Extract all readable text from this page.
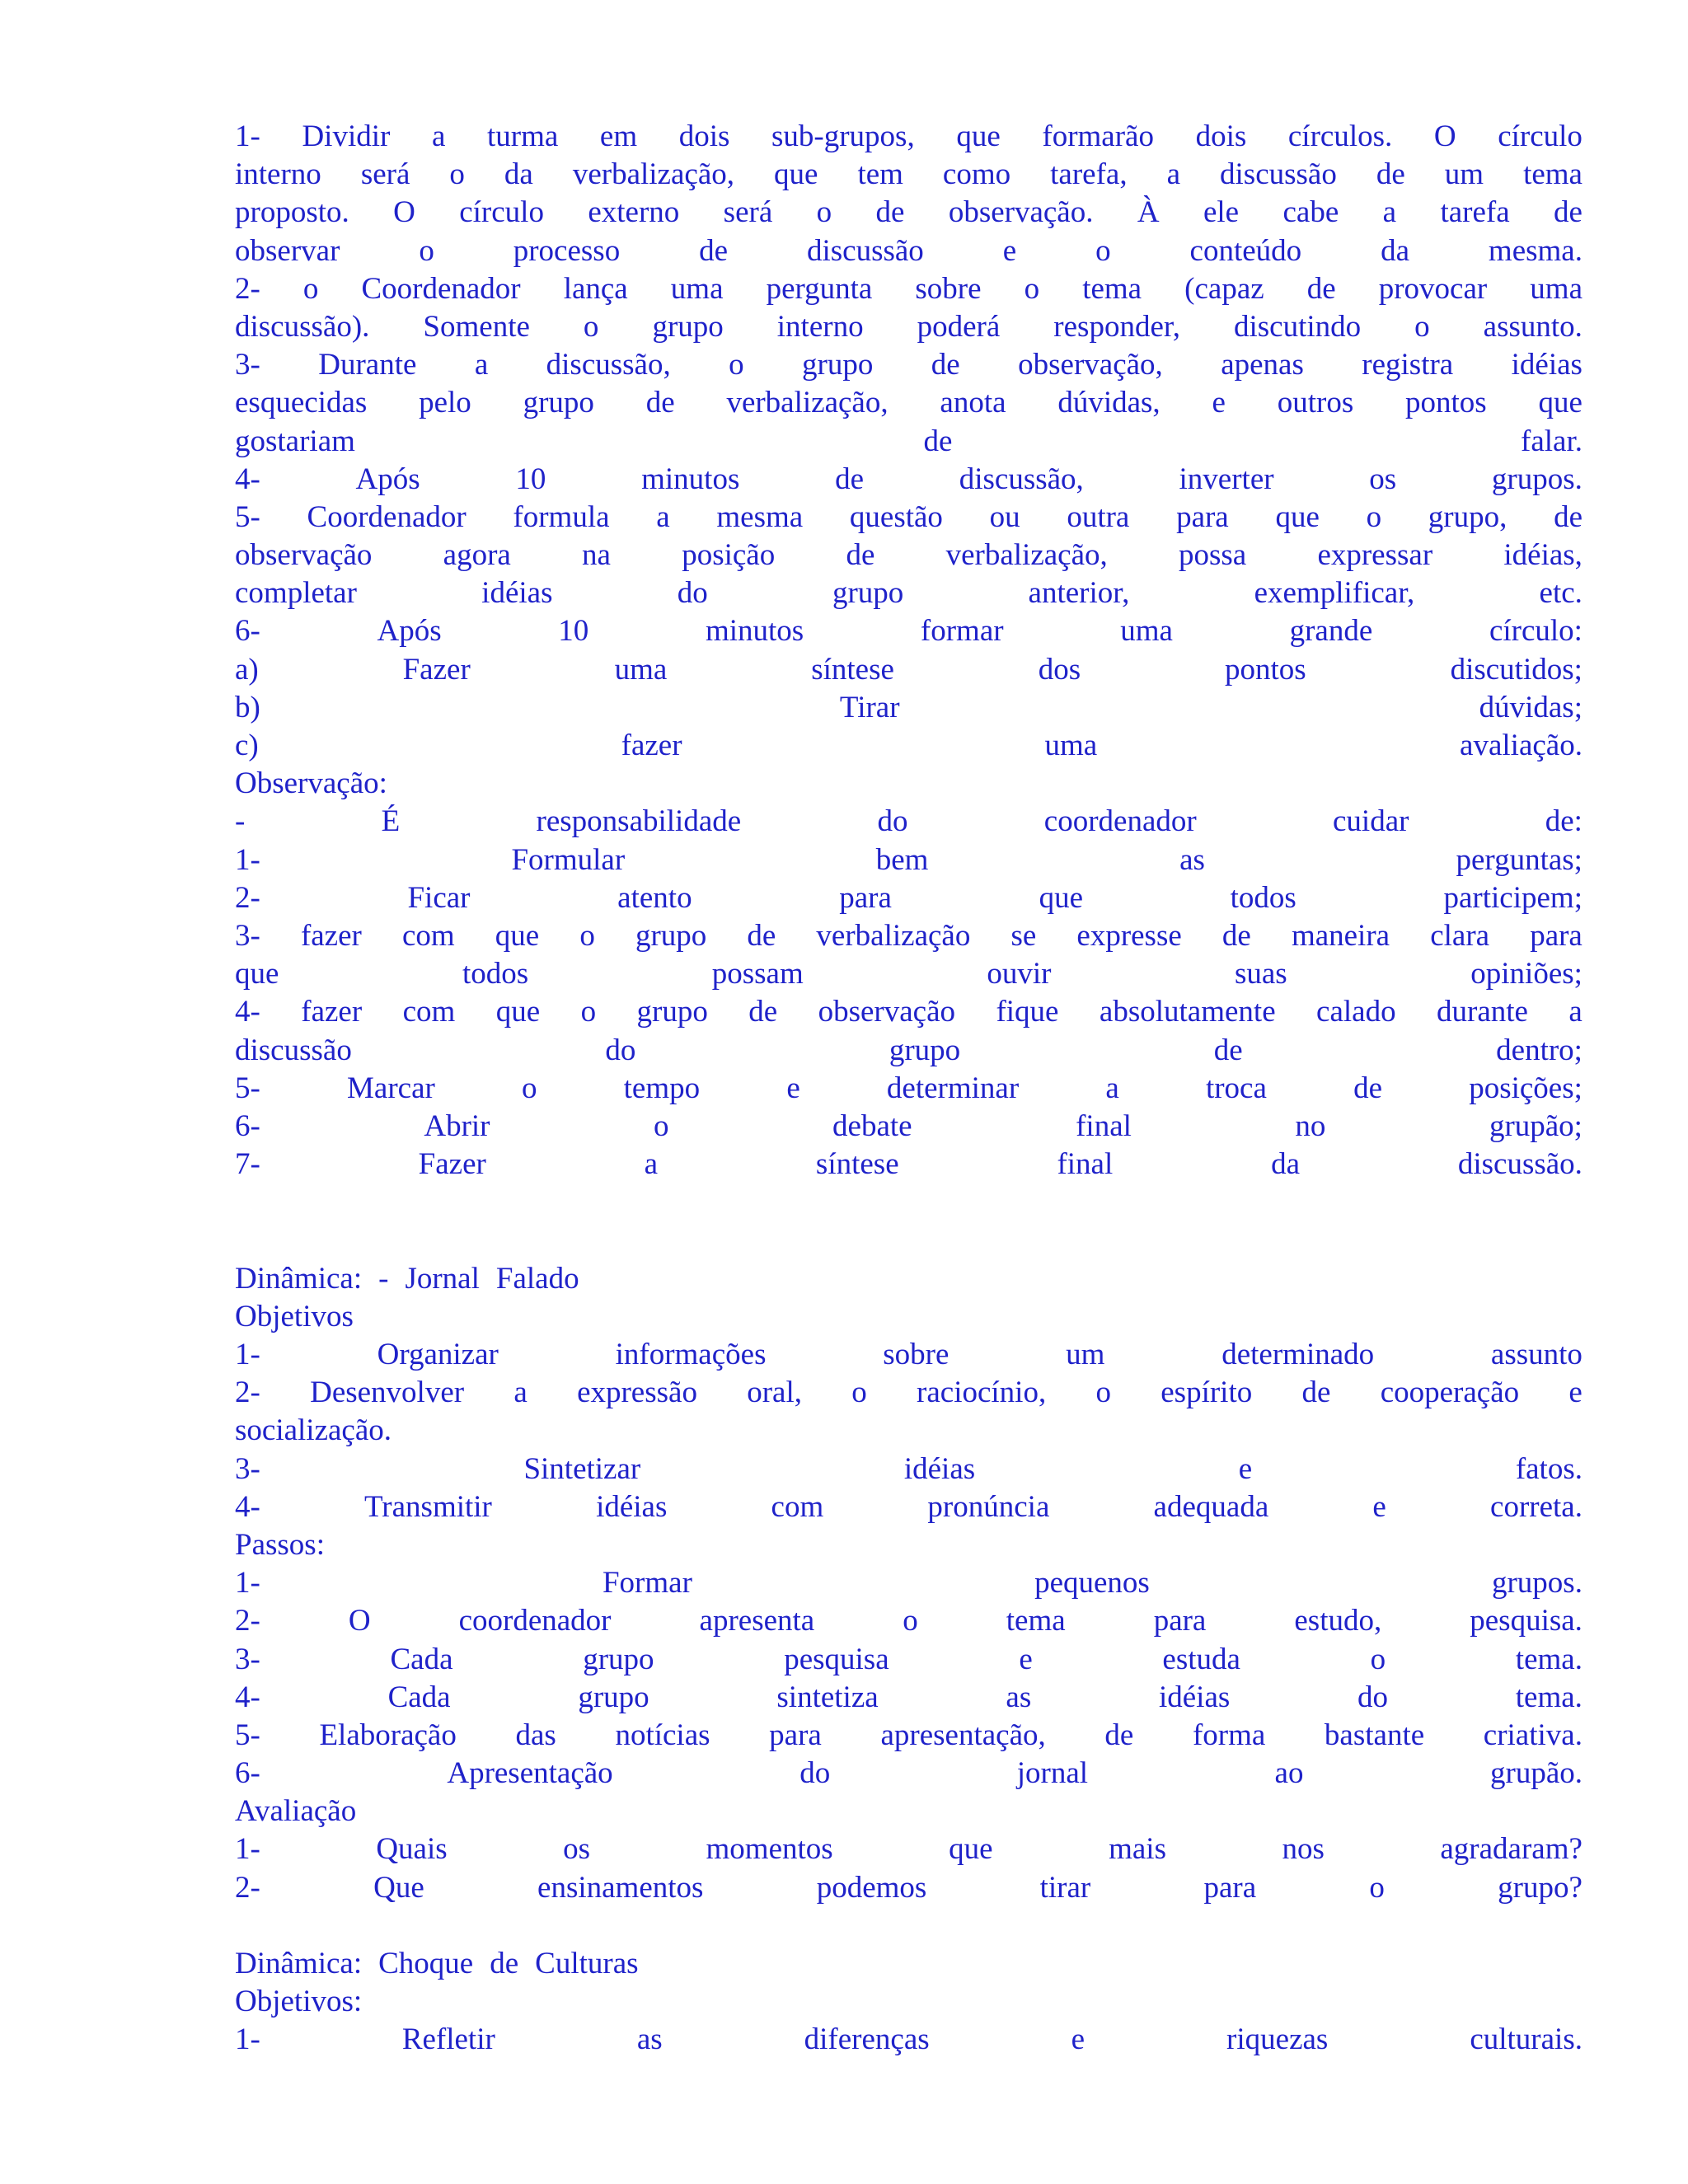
1- Dividir a turma em dois sub-grupos, que formarão dois círculos. O círculo
interno será o da verbalização, que tem como tarefa, a discussão de um tema
proposto. O círculo externo será o de observação. À ele cabe a tarefa de
observar	o	processo	de	discussão	e	o	conteúdo	da	mesma.
2- o Coordenador lança uma pergunta sobre o tema (capaz de provocar uma
discussão). Somente o grupo interno poderá responder, discutindo o assunto.
3- Durante a discussão, o grupo de observação, apenas registra idéias
esquecidas pelo grupo de verbalização, anota dúvidas, e outros pontos que
gostariam	de	falar.
4-	Após	10	minutos	de	discussão,	inverter	os	grupos.
5- Coordenador formula a mesma questão ou outra para que o grupo, de
observação agora na posição de verbalização, possa expressar idéias,
completar	idéias	do	grupo	anterior,	exemplificar,	etc.
6-	Após	10	minutos	formar	uma	grande	círculo:
a)	Fazer	uma	síntese	dos	pontos	discutidos;
b)	Tirar	dúvidas;
c)	fazer	uma	avaliação.
Observação:
-	É	responsabilidade	do	coordenador	cuidar	de:
1-	Formular	bem	as	perguntas;
2-	Ficar	atento	para	que	todos	participem;
3- fazer com que o grupo de verbalização se expresse de maneira clara para
que	todos	possam	ouvir	suas	opiniões;
4- fazer com que o grupo de observação fique absolutamente calado durante a
discussão	do	grupo	de	dentro;
5-	Marcar	o	tempo	e	determinar	a	troca	de	posições;
6-	Abrir	o	debate	final	no	grupão;
7-	Fazer	a	síntese	final	da	discussão.
Dinâmica: - Jornal Falado
Objetivos
1-	Organizar	informações	sobre	um	determinado	assunto
2- Desenvolver a expressão oral, o raciocínio, o espírito de cooperação e
socialização.
3-	Sintetizar	idéias	e	fatos.
4-	Transmitir	idéias	com	pronúncia	adequada	e	correta.
Passos:
1-	Formar	pequenos	grupos.
2-	O	coordenador	apresenta	o	tema	para	estudo,	pesquisa.
3-	Cada	grupo	pesquisa	e	estuda	o	tema.
4-	Cada	grupo	sintetiza	as	idéias	do	tema.
5- Elaboração das notícias para apresentação, de forma bastante criativa.
6-	Apresentação	do	jornal	ao	grupão.
Avaliação
1-	Quais	os	momentos	que	mais	nos	agradaram?
2-	Que	ensinamentos	podemos	tirar	para	o	grupo?
Dinâmica: Choque de Culturas
Objetivos:
1-	Refletir	as	diferenças	e	riquezas	culturais.
